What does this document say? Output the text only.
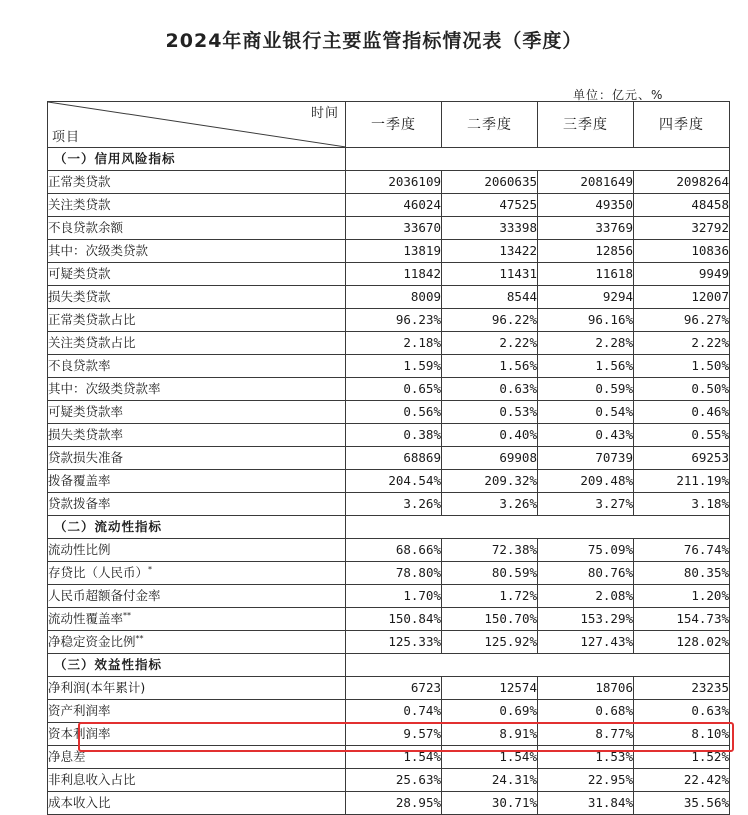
2024年商业银行主要监管指标情况表（季度）
单位：亿元、%
时间
项目	一季度	二季度	三季度	四季度
（一）信用风险指标				
正常类贷款	2036109	2060635	2081649	2098264
关注类贷款	46024	47525	49350	48458
不良贷款余额	33670	33398	33769	32792
其中：次级类贷款	13819	13422	12856	10836
可疑类贷款	11842	11431	11618	9949
损失类贷款	8009	8544	9294	12007
正常类贷款占比	96.23%	96.22%	96.16%	96.27%
关注类贷款占比	2.18%	2.22%	2.28%	2.22%
不良贷款率	1.59%	1.56%	1.56%	1.50%
其中：次级类贷款率	0.65%	0.63%	0.59%	0.50%
可疑类贷款率	0.56%	0.53%	0.54%	0.46%
损失类贷款率	0.38%	0.40%	0.43%	0.55%
贷款损失准备	68869	69908	70739	69253
拨备覆盖率	204.54%	209.32%	209.48%	211.19%
贷款拨备率	3.26%	3.26%	3.27%	3.18%
（二）流动性指标				
流动性比例	68.66%	72.38%	75.09%	76.74%
存贷比（人民币）*	78.80%	80.59%	80.76%	80.35%
人民币超额备付金率	1.70%	1.72%	2.08%	1.20%
流动性覆盖率**	150.84%	150.70%	153.29%	154.73%
净稳定资金比例**	125.33%	125.92%	127.43%	128.02%
（三）效益性指标				
净利润(本年累计)	6723	12574	18706	23235
资产利润率	0.74%	0.69%	0.68%	0.63%
资本利润率	9.57%	8.91%	8.77%	8.10%
净息差	1.54%	1.54%	1.53%	1.52%
非利息收入占比	25.63%	24.31%	22.95%	22.42%
成本收入比	28.95%	30.71%	31.84%	35.56%
